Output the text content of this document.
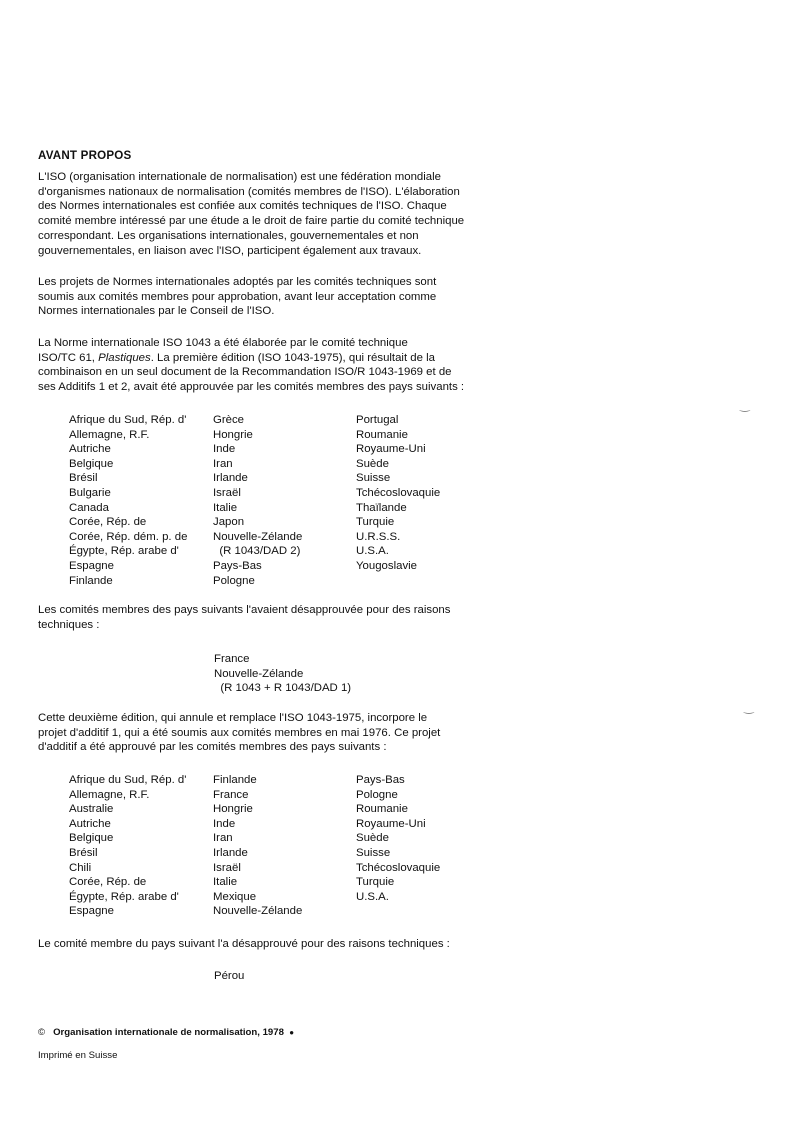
AVANT PROPOS
L'ISO (organisation internationale de normalisation) est une fédération mondiale
d'organismes nationaux de normalisation (comités membres de l'ISO). L'élaboration
des Normes internationales est confiée aux comités techniques de l'ISO. Chaque
comité membre intéressé par une étude a le droit de faire partie du comité technique
correspondant. Les organisations internationales, gouvernementales et non
gouvernementales, en liaison avec l'ISO, participent également aux travaux.
Les projets de Normes internationales adoptés par les comités techniques sont
soumis aux comités membres pour approbation, avant leur acceptation comme
Normes internationales par le Conseil de l'ISO.
La Norme internationale ISO 1043 a été élaborée par le comité technique
ISO/TC 61, Plastiques. La première édition (ISO 1043-1975), qui résultait de la
combinaison en un seul document de la Recommandation ISO/R 1043-1969 et de
ses Additifs 1 et 2, avait été approuvée par les comités membres des pays suivants :
Afrique du Sud, Rép. d'
Allemagne, R.F.
Autriche
Belgique
Brésil
Bulgarie
Canada
Corée, Rép. de
Corée, Rép. dém. p. de
Égypte, Rép. arabe d'
Espagne
Finlande
Grèce
Hongrie
Inde
Iran
Irlande
Israël
Italie
Japon
Nouvelle-Zélande
(R 1043/DAD 2)
Pays-Bas
Pologne
Portugal
Roumanie
Royaume-Uni
Suède
Suisse
Tchécoslovaquie
Thaïlande
Turquie
U.R.S.S.
U.S.A.
Yougoslavie
Les comités membres des pays suivants l'avaient désapprouvée pour des raisons
techniques :
France
Nouvelle-Zélande
(R 1043 + R 1043/DAD 1)
Cette deuxième édition, qui annule et remplace l'ISO 1043-1975, incorpore le
projet d'additif 1, qui a été soumis aux comités membres en mai 1976. Ce projet
d'additif a été approuvé par les comités membres des pays suivants :
Afrique du Sud, Rép. d'
Allemagne, R.F.
Australie
Autriche
Belgique
Brésil
Chili
Corée, Rép. de
Égypte, Rép. arabe d'
Espagne
Finlande
France
Hongrie
Inde
Iran
Irlande
Israël
Italie
Mexique
Nouvelle-Zélande
Pays-Bas
Pologne
Roumanie
Royaume-Uni
Suède
Suisse
Tchécoslovaquie
Turquie
U.S.A.
Le comité membre du pays suivant l'a désapprouvé pour des raisons techniques :
Pérou
© Organisation internationale de normalisation, 1978 ●
Imprimé en Suisse
‿
‿
